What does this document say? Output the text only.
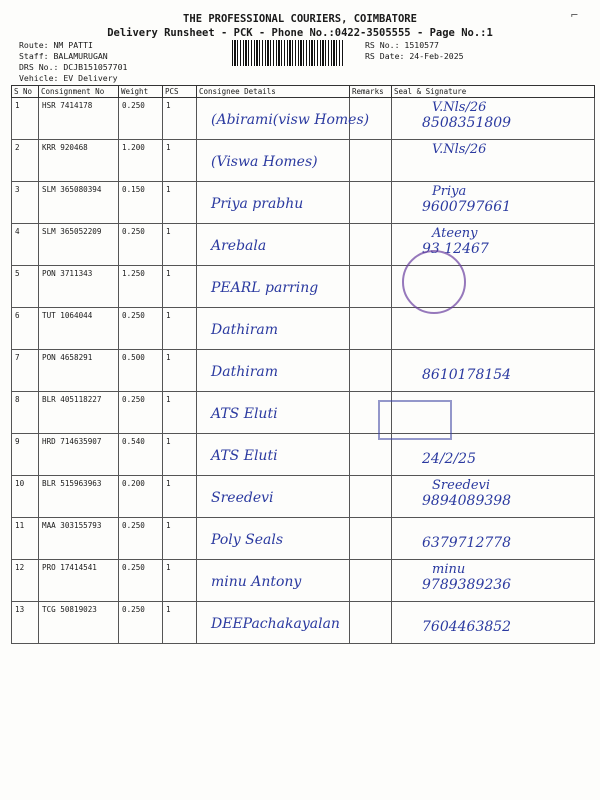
THE PROFESSIONAL COURIERS, COIMBATORE
Delivery Runsheet - PCK - Phone No.:0422-3505555 - Page No.:1
⌐
Route: NM PATTI
Staff: BALAMURUGAN
DRS No.: DCJB151057701
Vehicle: EV Delivery
RS No.: 1510577
RS Date: 24-Feb-2025
S No	Consignment No	Weight	PCS	Consignee Details	Remarks	Seal & Signature
1	HSR 7414178	0.250	1	(Abirami(visw Homes)		V.Nls/26
8508351809

2	KRR 920468	1.200	1	(Viswa Homes)		V.Nls/26

3	SLM 365080394	0.150	1	Priya prabhu		Priya
9600797661

4	SLM 365052209	0.250	1	Arebala		Ateeny
93 12467

5	PON 3711343	1.250	1	PEARL parring		

6	TUT 1064044	0.250	1	Dathiram		

7	PON 4658291	0.500	1	Dathiram		8610178154

8	BLR 405118227	0.250	1	ATS Eluti		

9	HRD 714635907	0.540	1	ATS Eluti		24/2/25

10	BLR 515963963	0.200	1	Sreedevi		Sreedevi
9894089398

11	MAA 303155793	0.250	1	Poly Seals		6379712778

12	PRO 17414541	0.250	1	minu Antony		minu
9789389236

13	TCG 50819023	0.250	1	DEEPachakayalan		7604463852
